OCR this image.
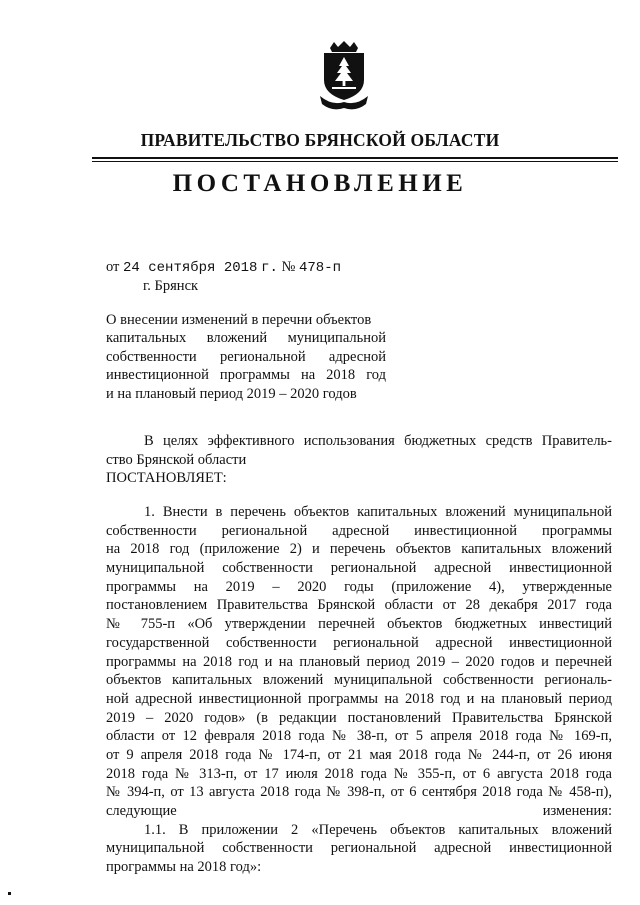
ПРАВИТЕЛЬСТВО БРЯНСКОЙ ОБЛАСТИ
ПОСТАНОВЛЕНИЕ
от 24 сентября 2018 г. № 478-п
г. Брянск
О внесении изменений в перечни объектов
капитальных вложений муниципальной
собственности региональной адресной
инвестиционной программы на 2018 год
и на плановый период 2019 – 2020 годов
В целях эффективного использования бюджетных средств Правитель-
ство Брянской области
ПОСТАНОВЛЯЕТ:
1. Внести в перечень объектов капитальных вложений муниципальной
собственности региональной адресной инвестиционной программы
на 2018 год (приложение 2) и перечень объектов капитальных вложений
муниципальной собственности региональной адресной инвестиционной
программы на 2019 – 2020 годы (приложение 4), утвержденные
постановлением Правительства Брянской области от 28 декабря 2017 года
№ 755-п «Об утверждении перечней объектов бюджетных инвестиций
государственной собственности региональной адресной инвестиционной
программы на 2018 год и на плановый период 2019 – 2020 годов и перечней
объектов капитальных вложений муниципальной собственности региональ-
ной адресной инвестиционной программы на 2018 год и на плановый период
2019 – 2020 годов» (в редакции постановлений Правительства Брянской
области от 12 февраля 2018 года № 38-п, от 5 апреля 2018 года № 169-п,
от 9 апреля 2018 года № 174-п, от 21 мая 2018 года № 244-п, от 26 июня
2018 года № 313-п, от 17 июля 2018 года № 355-п, от 6 августа 2018 года
№ 394-п, от 13 августа 2018 года № 398-п, от 6 сентября 2018 года № 458-п),
следующие изменения:
1.1. В приложении 2 «Перечень объектов капитальных вложений
муниципальной собственности региональной адресной инвестиционной
программы на 2018 год»:
